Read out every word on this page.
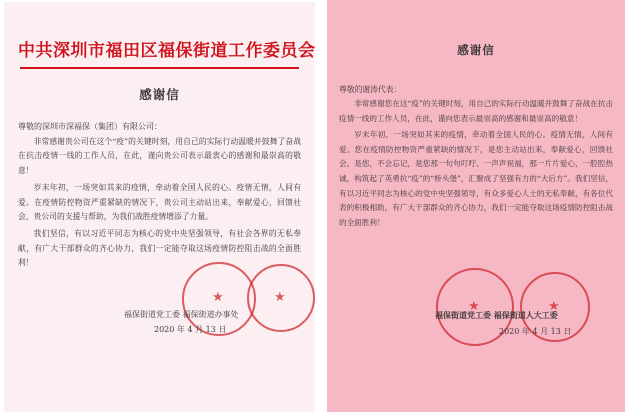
中共深圳市福田区福保街道工作委员会
感谢信
尊敬的深圳市深福保（集团）有限公司：

非常感谢贵公司在这个“疫”的关键时刻，用自己的实际行动温暖并鼓舞了奋战在抗击疫情一线的工作人员，在此，谨向贵公司表示最衷心的感谢和最崇高的敬意！

岁末年初，一场突如其来的疫情，牵动着全国人民的心。疫情无情，人间有爱。在疫情防控物资严重紧缺的情况下，贵公司主动站出来，奉献爱心，回馈社会，贵公司的支援与帮助，为我们战胜疫情增添了力量。

我们坚信，有以习近平同志为核心的党中央坚强领导，有社会各界的无私奉献，有广大干部群众的齐心协力，我们一定能夺取这场疫情防控阻击战的全面胜利！

★	★
福保街道党工委 福保街道办事处
2020 年 4 月 13 日
感谢信
尊敬的谢涛代表：

非常感谢您在这“疫”的关键时刻，用自己的实际行动温暖并鼓舞了奋战在抗击疫情一线的工作人员，在此，谨向您表示最崇高的感谢和最崇高的敬意！

岁末年初，一场突如其来的疫情，牵动着全国人民的心。疫情无情，人间有爱。您在疫情防控物资严重紧缺的情况下，是您主动站出来，奉献爱心，回馈社会。是您，不会忘记，是您那一句句叮咛、一声声祝福，那一片片爱心，一腔腔热诚，构筑起了英勇抗“疫”的“桥头堡”，汇聚成了坚强有力的“大后方”。我们坚信，有以习近平同志为核心的党中央坚强领导，有众多爱心人士的无私奉献，有各位代表的积极相助，有广大干部群众的齐心协力，我们一定能夺取这场疫情防控阻击战的全面胜利！

★	★
福保街道党工委 福保街道人大工委
2020 年 4 月 13 日
